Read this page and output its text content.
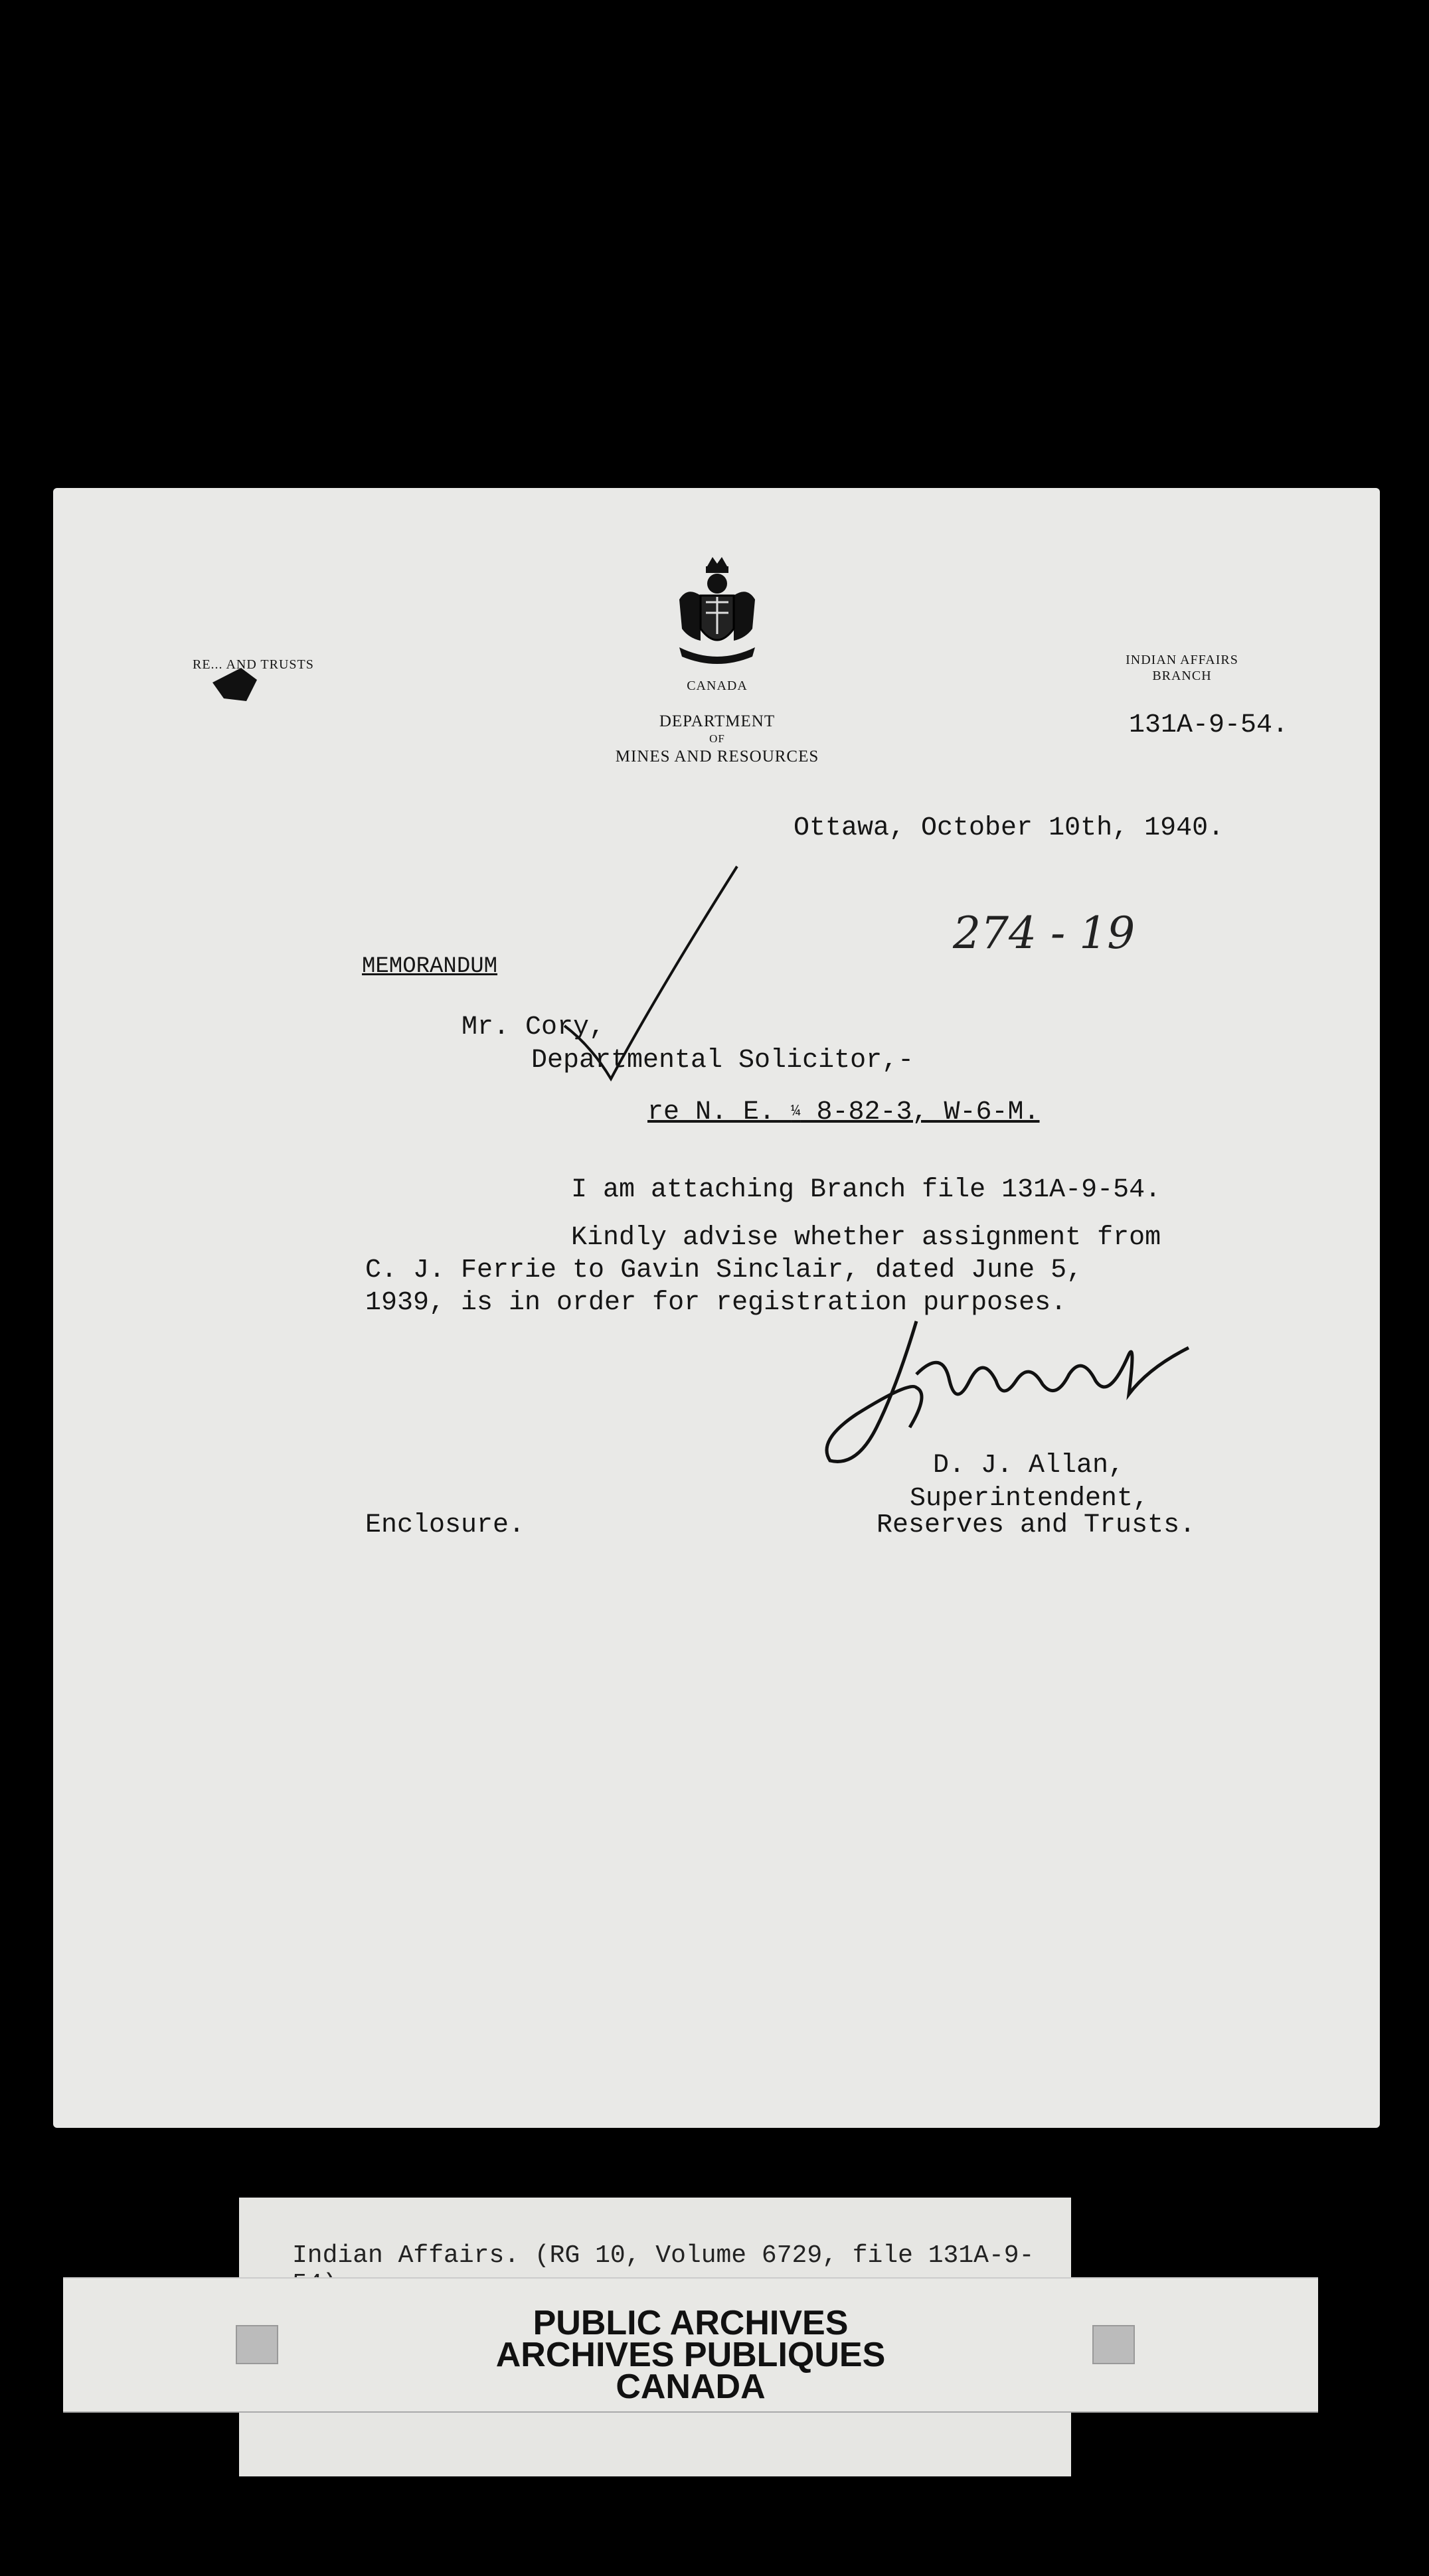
RE... AND TRUSTS
CANADA
DEPARTMENT
OF
MINES AND RESOURCES
INDIAN AFFAIRS
BRANCH
131A-9-54.
Ottawa, October 10th, 1940.
274 - 19
MEMORANDUM
Mr. Cory,
Departmental Solicitor,-
re N. E. ¼ 8-82-3, W-6-M.
I am attaching Branch file 131A-9-54.
Kindly advise whether assignment from
C. J. Ferrie to Gavin Sinclair, dated June 5,
1939, is in order for registration purposes.
D. J. Allan,
Superintendent,
Reserves and Trusts.
Enclosure.
Indian Affairs. (RG 10, Volume 6729, file 131A-9-
PUBLIC ARCHIVES
ARCHIVES PUBLIQUES
CANADA
